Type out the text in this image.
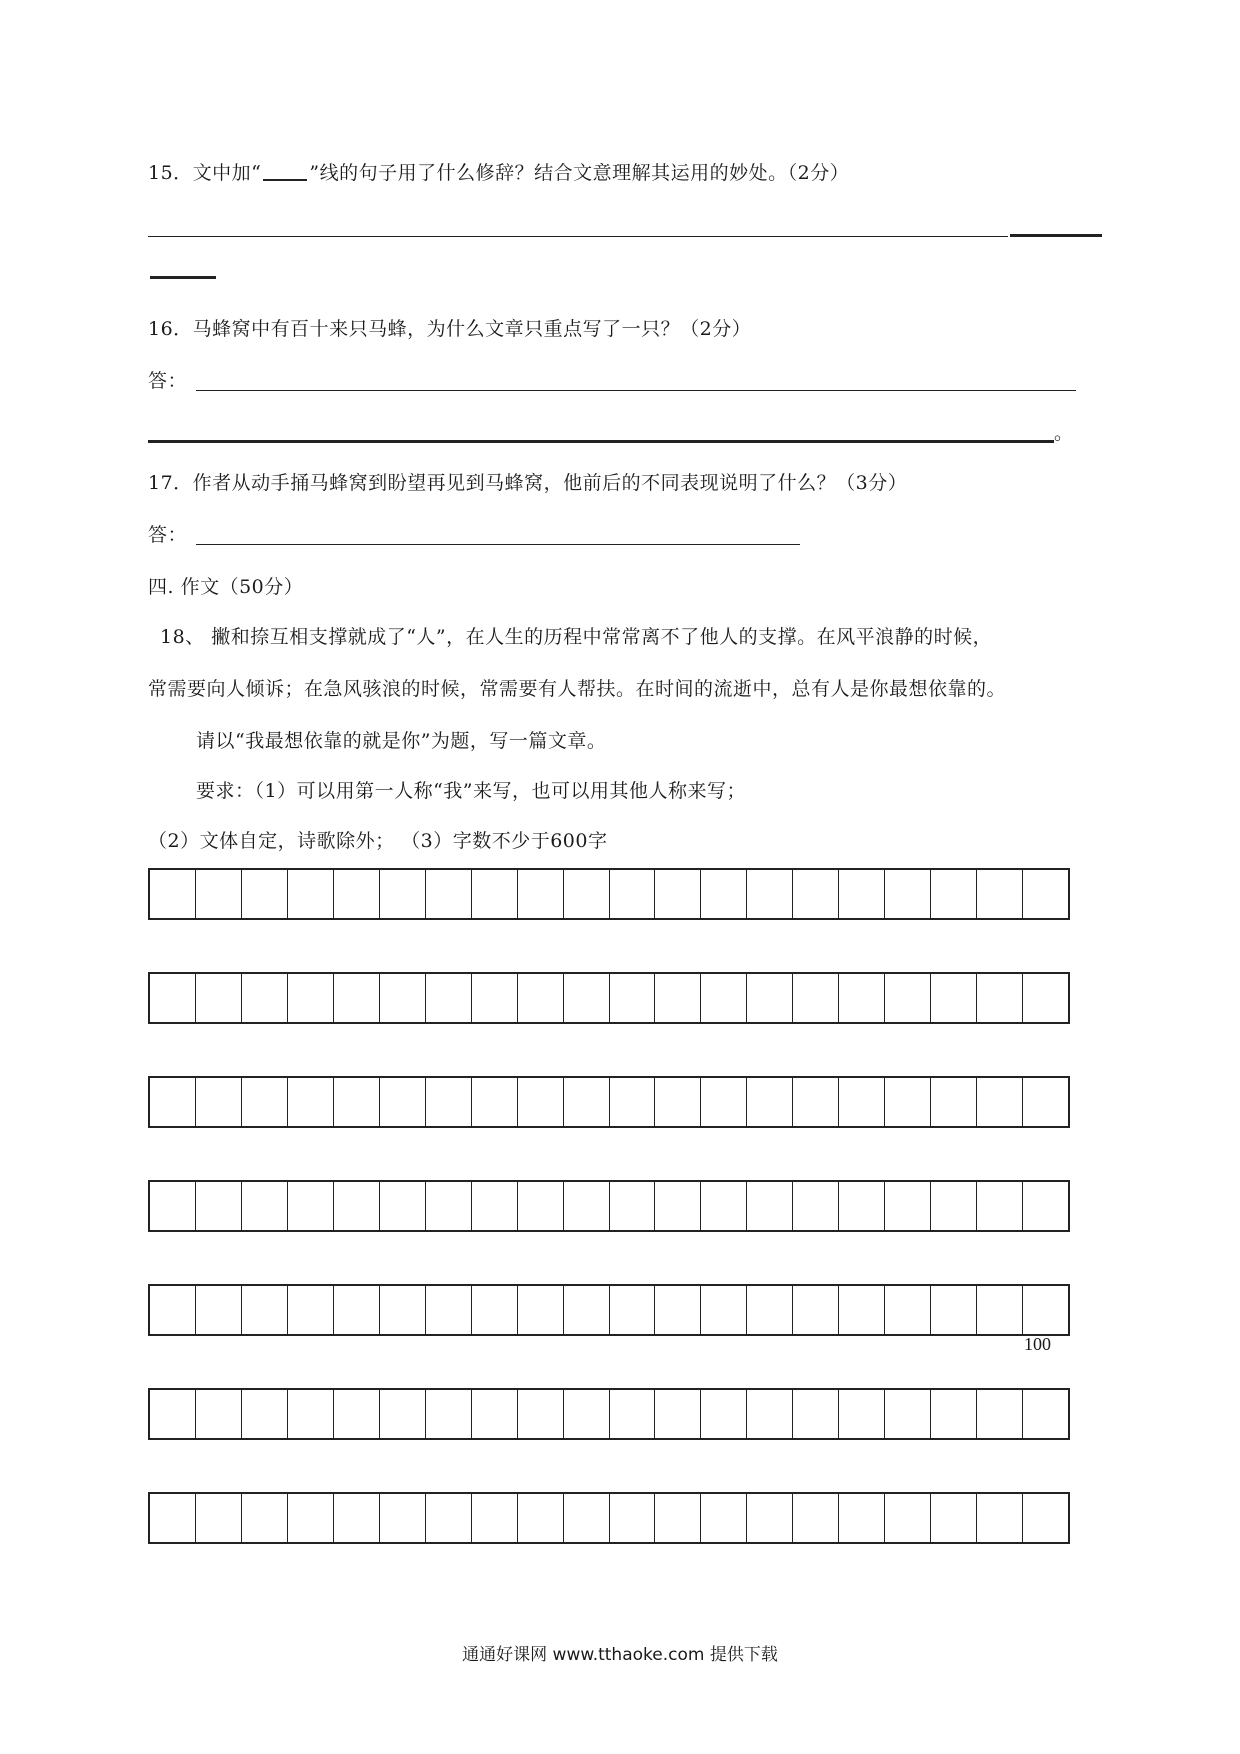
15．文中加“	”线的句子用了什么修辞？结合文意理解其运用的妙处。（2分）
16．马蜂窝中有百十来只马蜂，为什么文章只重点写了一只？（2分）
答：
。
17．作者从动手捅马蜂窝到盼望再见到马蜂窝，他前后的不同表现说明了什么？（3分）
答：
四. 作文（50分）
18、 撇和捺互相支撑就成了“人”，在人生的历程中常常离不了他人的支撑。在风平浪静的时候，
常需要向人倾诉；在急风骇浪的时候，常需要有人帮扶。在时间的流逝中，总有人是你最想依靠的。
请以“我最想依靠的就是你”为题，写一篇文章。
要求：（1）可以用第一人称“我”来写，也可以用其他人称来写；
（2）文体自定，诗歌除外； （3）字数不少于600字
100
通通好课网 www.tthaoke.com 提供下载
